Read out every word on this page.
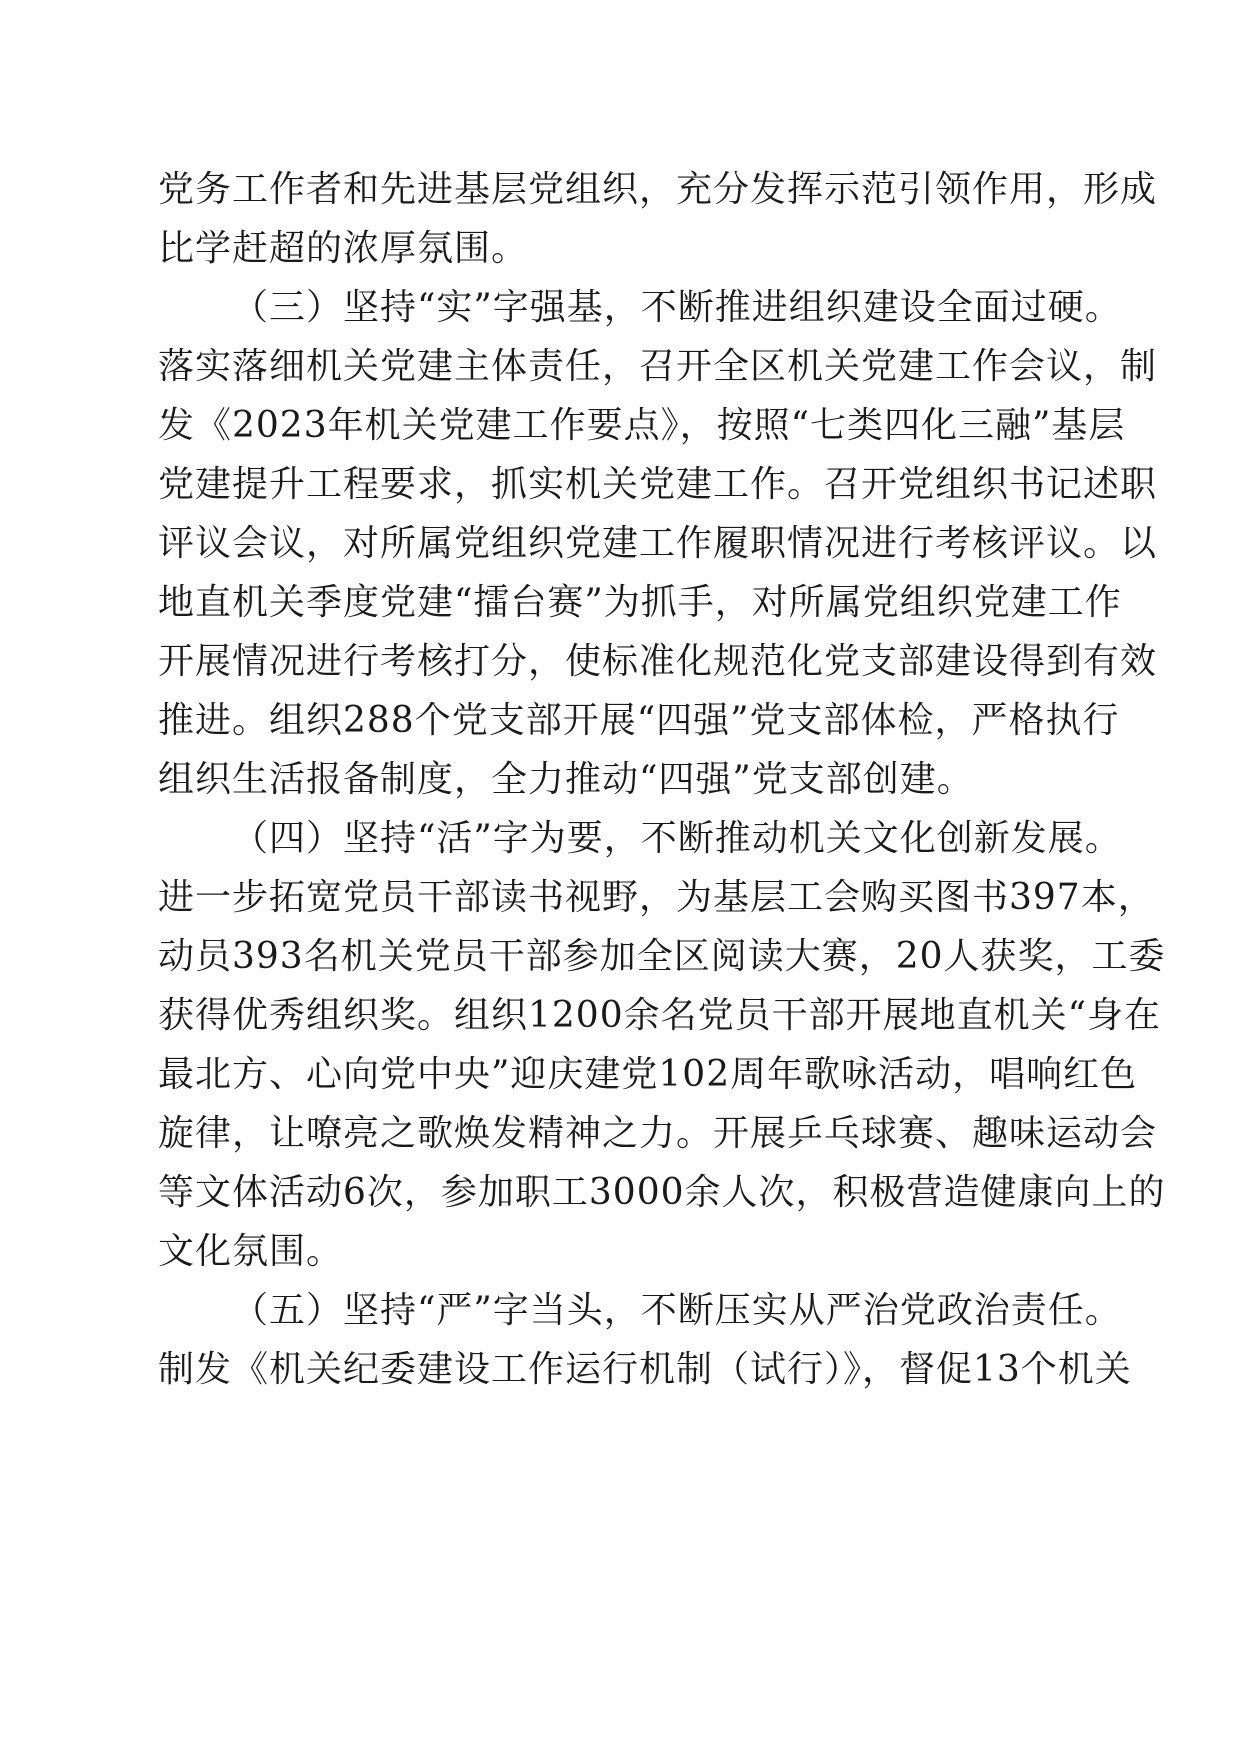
党务工作者和先进基层党组织，充分发挥示范引领作用，形成
比学赶超的浓厚氛围。
（三）坚持“实”字强基，不断推进组织建设全面过硬。
落实落细机关党建主体责任，召开全区机关党建工作会议，制
发《2023年机关党建工作要点》，按照“七类四化三融”基层
党建提升工程要求，抓实机关党建工作。召开党组织书记述职
评议会议，对所属党组织党建工作履职情况进行考核评议。以
地直机关季度党建“擂台赛”为抓手，对所属党组织党建工作
开展情况进行考核打分，使标准化规范化党支部建设得到有效
推进。组织288个党支部开展“四强”党支部体检，严格执行
组织生活报备制度，全力推动“四强”党支部创建。
（四）坚持“活”字为要，不断推动机关文化创新发展。
进一步拓宽党员干部读书视野，为基层工会购买图书397本，
动员393名机关党员干部参加全区阅读大赛，20人获奖，工委
获得优秀组织奖。组织1200余名党员干部开展地直机关“身在
最北方、心向党中央”迎庆建党102周年歌咏活动，唱响红色
旋律，让嘹亮之歌焕发精神之力。开展乒乓球赛、趣味运动会
等文体活动6次，参加职工3000余人次，积极营造健康向上的
文化氛围。
（五）坚持“严”字当头，不断压实从严治党政治责任。
制发《机关纪委建设工作运行机制（试行）》，督促13个机关
